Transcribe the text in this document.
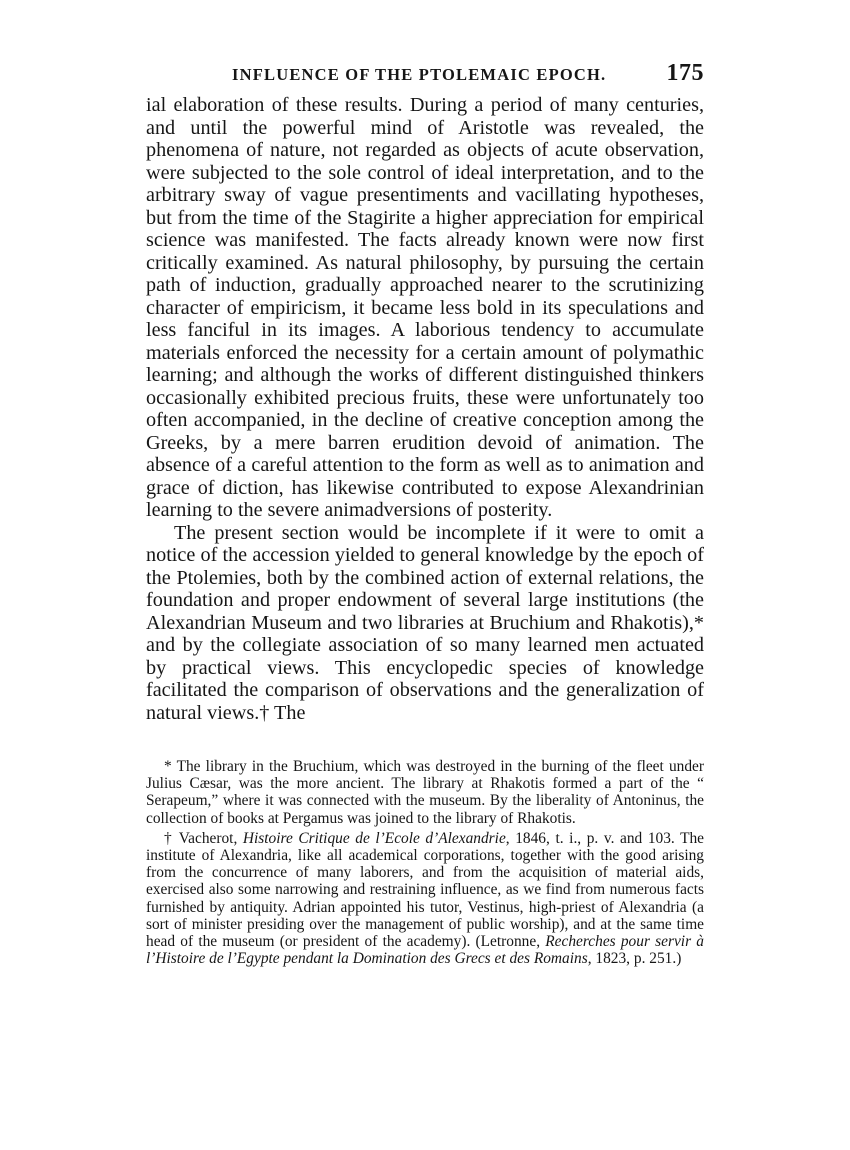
INFLUENCE OF THE PTOLEMAIC EPOCH.	175

ial elaboration of these results. During a period of many centuries, and until the powerful mind of Aristotle was revealed, the phenomena of nature, not regarded as objects of acute observation, were subjected to the sole control of ideal interpretation, and to the arbitrary sway of vague presentiments and vacillating hypotheses, but from the time of the Stagirite a higher appreciation for empirical science was manifested. The facts already known were now first critically examined. As natural philosophy, by pursuing the certain path of induction, gradually approached nearer to the scrutinizing character of empiricism, it became less bold in its speculations and less fanciful in its images. A laborious tendency to accumulate materials enforced the necessity for a certain amount of polymathic learning; and although the works of different distinguished thinkers occasionally exhibited precious fruits, these were unfortunately too often accompanied, in the decline of creative conception among the Greeks, by a mere barren erudition devoid of animation. The absence of a careful attention to the form as well as to animation and grace of diction, has likewise contributed to expose Alexandrinian learning to the severe animadversions of posterity.

The present section would be incomplete if it were to omit a notice of the accession yielded to general knowledge by the epoch of the Ptolemies, both by the combined action of external relations, the foundation and proper endowment of several large institutions (the Alexandrian Museum and two libraries at Bruchium and Rhakotis),* and by the collegiate association of so many learned men actuated by practical views. This encyclopedic species of knowledge facilitated the comparison of observations and the generalization of natural views.† The

* The library in the Bruchium, which was destroyed in the burning of the fleet under Julius Cæsar, was the more ancient. The library at Rhakotis formed a part of the “ Serapeum,” where it was connected with the museum. By the liberality of Antoninus, the collection of books at Pergamus was joined to the library of Rhakotis.

† Vacherot, Histoire Critique de l’Ecole d’Alexandrie, 1846, t. i., p. v. and 103. The institute of Alexandria, like all academical corporations, together with the good arising from the concurrence of many laborers, and from the acquisition of material aids, exercised also some narrowing and restraining influence, as we find from numerous facts furnished by antiquity. Adrian appointed his tutor, Vestinus, high-priest of Alexandria (a sort of minister presiding over the management of public worship), and at the same time head of the museum (or president of the academy). (Letronne, Recherches pour servir à l’Histoire de l’Egypte pendant la Domination des Grecs et des Romains, 1823, p. 251.)
